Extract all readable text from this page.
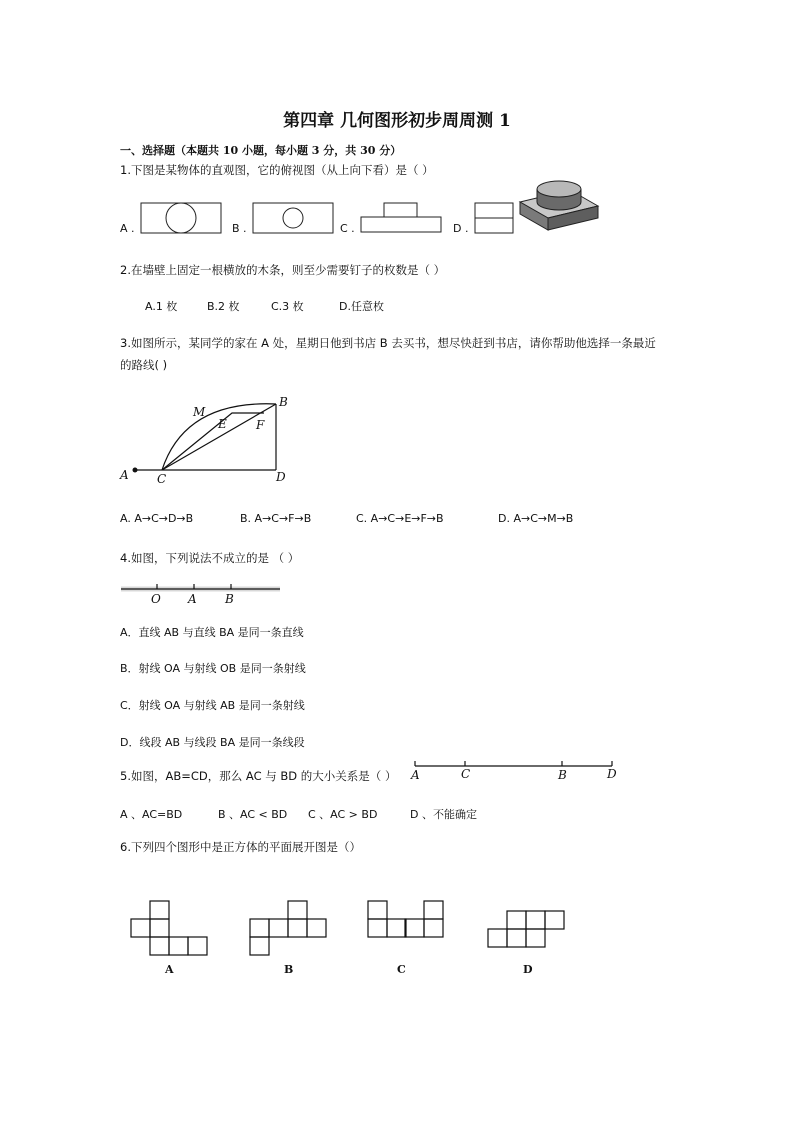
第四章 几何图形初步周周测 1
一、选择题（本题共 10 小题，每小题 3 分，共 30 分）
1.下图是某物体的直观图，它的俯视图（从上向下看）是（ ）
A .	B .	C .	D .
2.在墙壁上固定一根横放的木条，则至少需要钉子的枚数是（ ）
A.1 枚	B.2 枚	C.3 枚	D.任意枚
3.如图所示，某同学的家在 A 处，星期日他到书店 B 去买书，想尽快赶到书店，请你帮助他选择一条最近
的路线( )
A C	D
B
M
E F
A. A→C→D→B	B. A→C→F→B	C. A→C→E→F→B	D. A→C→M→B
4.如图，下列说法不成立的是 （ ）
O A B
A．直线 AB 与直线 BA 是同一条直线
B．射线 OA 与射线 OB 是同一条射线
C．射线 OA 与射线 AB 是同一条射线
D．线段 AB 与线段 BA 是同一条线段
5.如图，AB=CD，那么 AC 与 BD 的大小关系是（ ） A	C	B	D
A 、AC=BD	B 、AC < BD C 、AC > BD	D 、不能确定
6.下列四个图形中是正方体的平面展开图是（）
A	B	C	D
